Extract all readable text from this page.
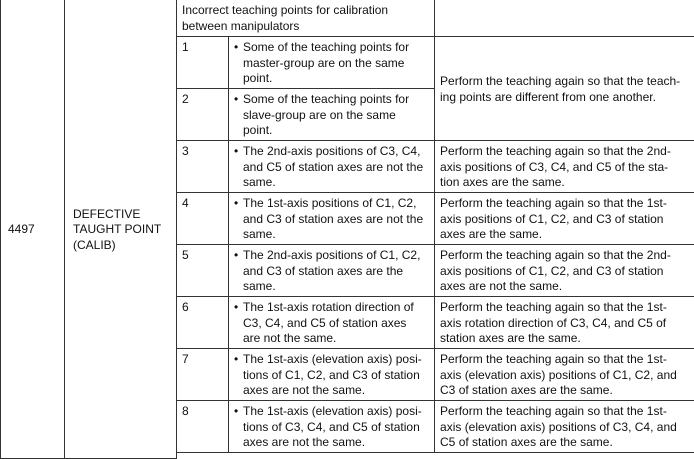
4497	DEFECTIVE
TAUGHT POINT
(CALIB)	Incorrect teaching points for calibration
between manipulators		

		1	• Some of the teaching points for
master-group are on the same
point.	Perform the teaching again so that the teach-
ing points are different from one another.

		2	• Some of the teaching points for
slave-group are on the same
point.	

		3	• The 2nd-axis positions of C3, C4,
and C5 of station axes are not the
same.	Perform the teaching again so that the 2nd-
axis positions of C3, C4, and C5 of the sta-
tion axes are the same.

		4	• The 1st-axis positions of C1, C2,
and C3 of station axes are not the
same.	Perform the teaching again so that the 1st-
axis positions of C1, C2, and C3 of station
axes are the same.

		5	• The 2nd-axis positions of C1, C2,
and C3 of station axes are the
same.	Perform the teaching again so that the 2nd-
axis positions of C1, C2, and C3 of station
axes are not the same.

		6	• The 1st-axis rotation direction of
C3, C4, and C5 of station axes
are not the same.	Perform the teaching again so that the 1st-
axis rotation direction of C3, C4, and C5 of
station axes are the same.

		7	• The 1st-axis (elevation axis) posi-
tions of C1, C2, and C3 of station
axes are not the same.	Perform the teaching again so that the 1st-
axis (elevation axis) positions of C1, C2, and
C3 of station axes are the same.

		8	• The 1st-axis (elevation axis) posi-
tions of C3, C4, and C5 of station
axes are not the same.	Perform the teaching again so that the 1st-
axis (elevation axis) positions of C3, C4, and
C5 of station axes are the same.
